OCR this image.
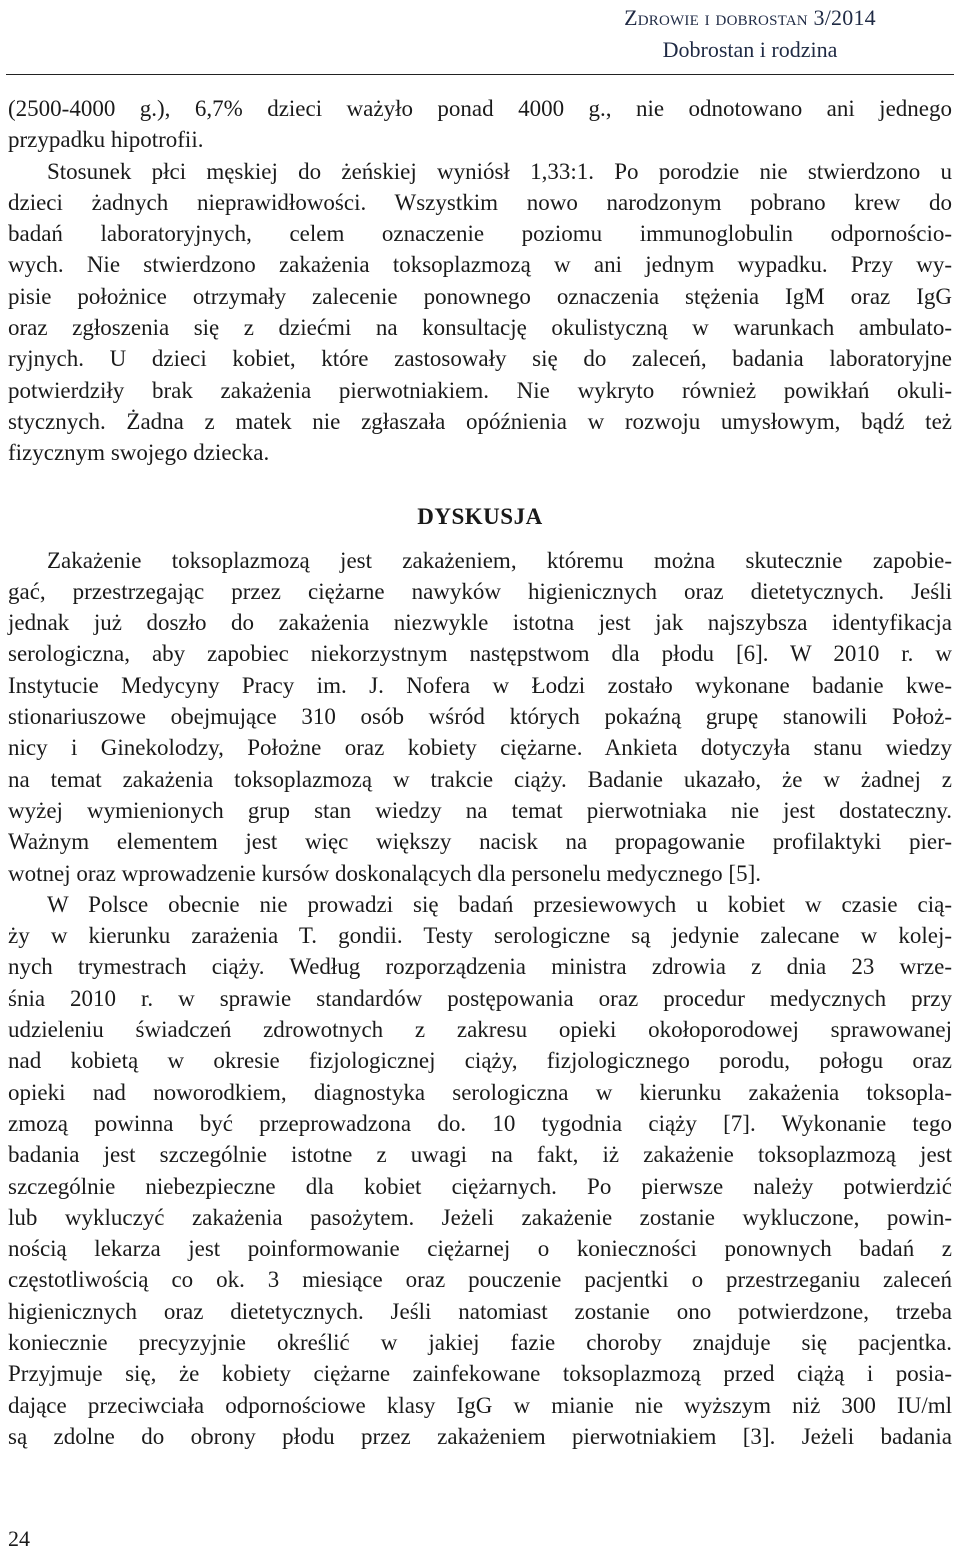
Zdrowie i dobrostan 3/2014
Dobrostan i rodzina
(2500-4000 g.), 6,7% dzieci ważyło ponad 4000 g., nie odnotowano ani jednego
przypadku hipotrofii.
Stosunek płci męskiej do żeńskiej wyniósł 1,33:1. Po porodzie nie stwierdzono u
dzieci żadnych nieprawidłowości. Wszystkim nowo narodzonym pobrano krew do
badań laboratoryjnych, celem oznaczenie poziomu immunoglobulin odpornościo-
wych. Nie stwierdzono zakażenia toksoplazmozą w ani jednym wypadku. Przy wy-
pisie położnice otrzymały zalecenie ponownego oznaczenia stężenia IgM oraz IgG
oraz zgłoszenia się z dziećmi na konsultację okulistyczną w warunkach ambulato-
ryjnych. U dzieci kobiet, które zastosowały się do zaleceń, badania laboratoryjne
potwierdziły brak zakażenia pierwotniakiem. Nie wykryto również powikłań okuli-
stycznych. Żadna z matek nie zgłaszała opóźnienia w rozwoju umysłowym, bądź też
fizycznym swojego dziecka.
DYSKUSJA
Zakażenie toksoplazmozą jest zakażeniem, któremu można skutecznie zapobie-
gać, przestrzegając przez ciężarne nawyków higienicznych oraz dietetycznych. Jeśli
jednak już doszło do zakażenia niezwykle istotna jest jak najszybsza identyfikacja
serologiczna, aby zapobiec niekorzystnym następstwom dla płodu [6]. W 2010 r. w
Instytucie Medycyny Pracy im. J. Nofera w Łodzi zostało wykonane badanie kwe-
stionariuszowe obejmujące 310 osób wśród których pokaźną grupę stanowili Położ-
nicy i Ginekolodzy, Położne oraz kobiety ciężarne. Ankieta dotyczyła stanu wiedzy
na temat zakażenia toksoplazmozą w trakcie ciąży. Badanie ukazało, że w żadnej z
wyżej wymienionych grup stan wiedzy na temat pierwotniaka nie jest dostateczny.
Ważnym elementem jest więc większy nacisk na propagowanie profilaktyki pier-
wotnej oraz wprowadzenie kursów doskonalących dla personelu medycznego [5].
W Polsce obecnie nie prowadzi się badań przesiewowych u kobiet w czasie cią-
ży w kierunku zarażenia T. gondii. Testy serologiczne są jedynie zalecane w kolej-
nych trymestrach ciąży. Według rozporządzenia ministra zdrowia z dnia 23 wrze-
śnia 2010 r. w sprawie standardów postępowania oraz procedur medycznych przy
udzieleniu świadczeń zdrowotnych z zakresu opieki okołoporodowej sprawowanej
nad kobietą w okresie fizjologicznej ciąży, fizjologicznego porodu, połogu oraz
opieki nad noworodkiem, diagnostyka serologiczna w kierunku zakażenia toksopla-
zmozą powinna być przeprowadzona do. 10 tygodnia ciąży [7]. Wykonanie tego
badania jest szczególnie istotne z uwagi na fakt, iż zakażenie toksoplazmozą jest
szczególnie niebezpieczne dla kobiet ciężarnych. Po pierwsze należy potwierdzić
lub wykluczyć zakażenia pasożytem. Jeżeli zakażenie zostanie wykluczone, powin-
nością lekarza jest poinformowanie ciężarnej o konieczności ponownych badań z
częstotliwością co ok. 3 miesiące oraz pouczenie pacjentki o przestrzeganiu zaleceń
higienicznych oraz dietetycznych. Jeśli natomiast zostanie ono potwierdzone, trzeba
koniecznie precyzyjnie określić w jakiej fazie choroby znajduje się pacjentka.
Przyjmuje się, że kobiety ciężarne zainfekowane toksoplazmozą przed ciążą i posia-
dające przeciwciała odpornościowe klasy IgG w mianie nie wyższym niż 300 IU/ml
są zdolne do obrony płodu przez zakażeniem pierwotniakiem [3]. Jeżeli badania
24
